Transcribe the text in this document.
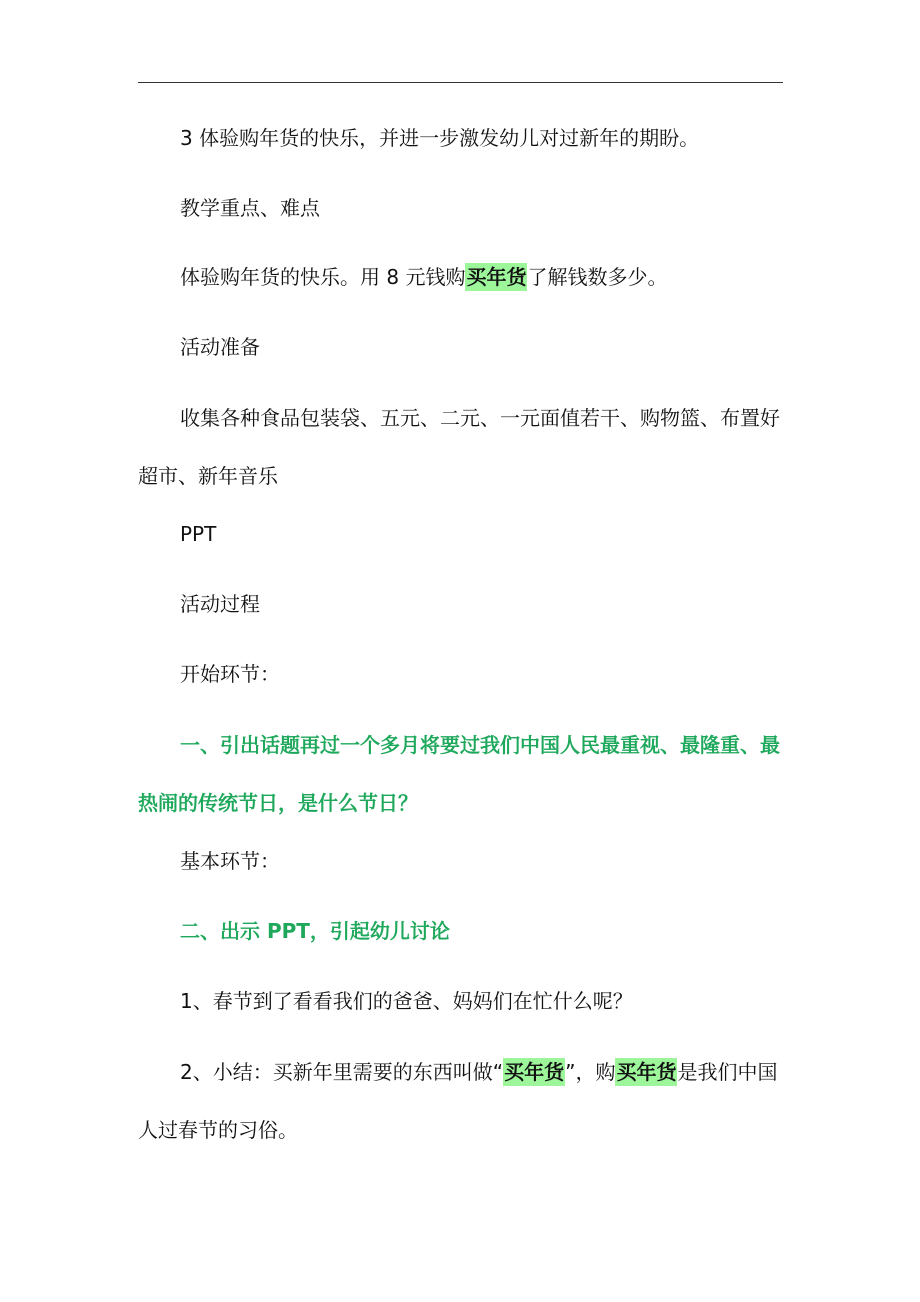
3 体验购年货的快乐，并进一步激发幼儿对过新年的期盼。
教学重点、难点
体验购年货的快乐。用 8 元钱购买年货了解钱数多少。
活动准备
收集各种食品包装袋、五元、二元、一元面值若干、购物篮、布置好超市、新年音乐
PPT
活动过程
开始环节：
一、引出话题再过一个多月将要过我们中国人民最重视、最隆重、最热闹的传统节日，是什么节日？
基本环节：
二、出示 PPT，引起幼儿讨论
1、春节到了看看我们的爸爸、妈妈们在忙什么呢？
2、小结：买新年里需要的东西叫做“买年货”，购买年货是我们中国人过春节的习俗。
